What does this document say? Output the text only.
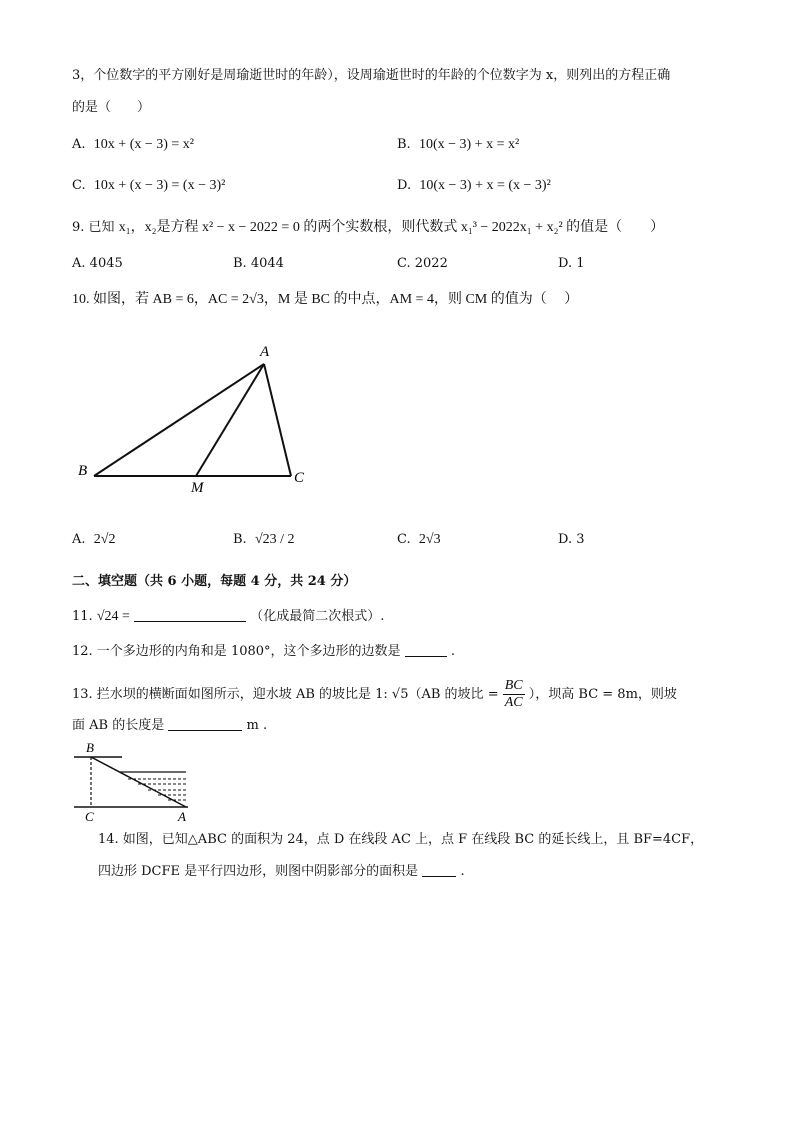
3，个位数字的平方刚好是周瑜逝世时的年龄），设周瑜逝世时的年龄的个位数字为 x，则列出的方程正确
的是（　　）
A. 10x + (x − 3) = x²	B. 10(x − 3) + x = x²
C. 10x + (x − 3) = (x − 3)²	D. 10(x − 3) + x = (x − 3)²
9. 已知 x₁，x₂是方程 x² − x − 2022 = 0 的两个实数根，则代数式 x₁³ − 2022x₁ + x₂² 的值是（　　）
A. 4045	B. 4044	C. 2022	D. 1
10. 如图，若 AB = 6，AC = 2√3，M 是 BC 的中点，AM = 4，则 CM 的值为（　 ）
A
B	C
M
A. 2√2	B. √23 / 2	C. 2√3	D. 3
二、填空题（共 6 小题，每题 4 分，共 24 分）
11. √24 =	（化成最简二次根式）.
12. 一个多边形的内角和是 1080°，这个多边形的边数是	.
13. 拦水坝的横断面如图所示，迎水坡 AB 的坡比是 1: √5（AB 的坡比 = $\frac{BC}{AC}$ ），坝高 BC = 8m，则坡
面 AB 的长度是	m .
B
C	A
14. 如图，已知△ABC 的面积为 24，点 D 在线段 AC 上，点 F 在线段 BC 的延长线上，且 BF=4CF，
四边形 DCFE 是平行四边形，则图中阴影部分的面积是	.
